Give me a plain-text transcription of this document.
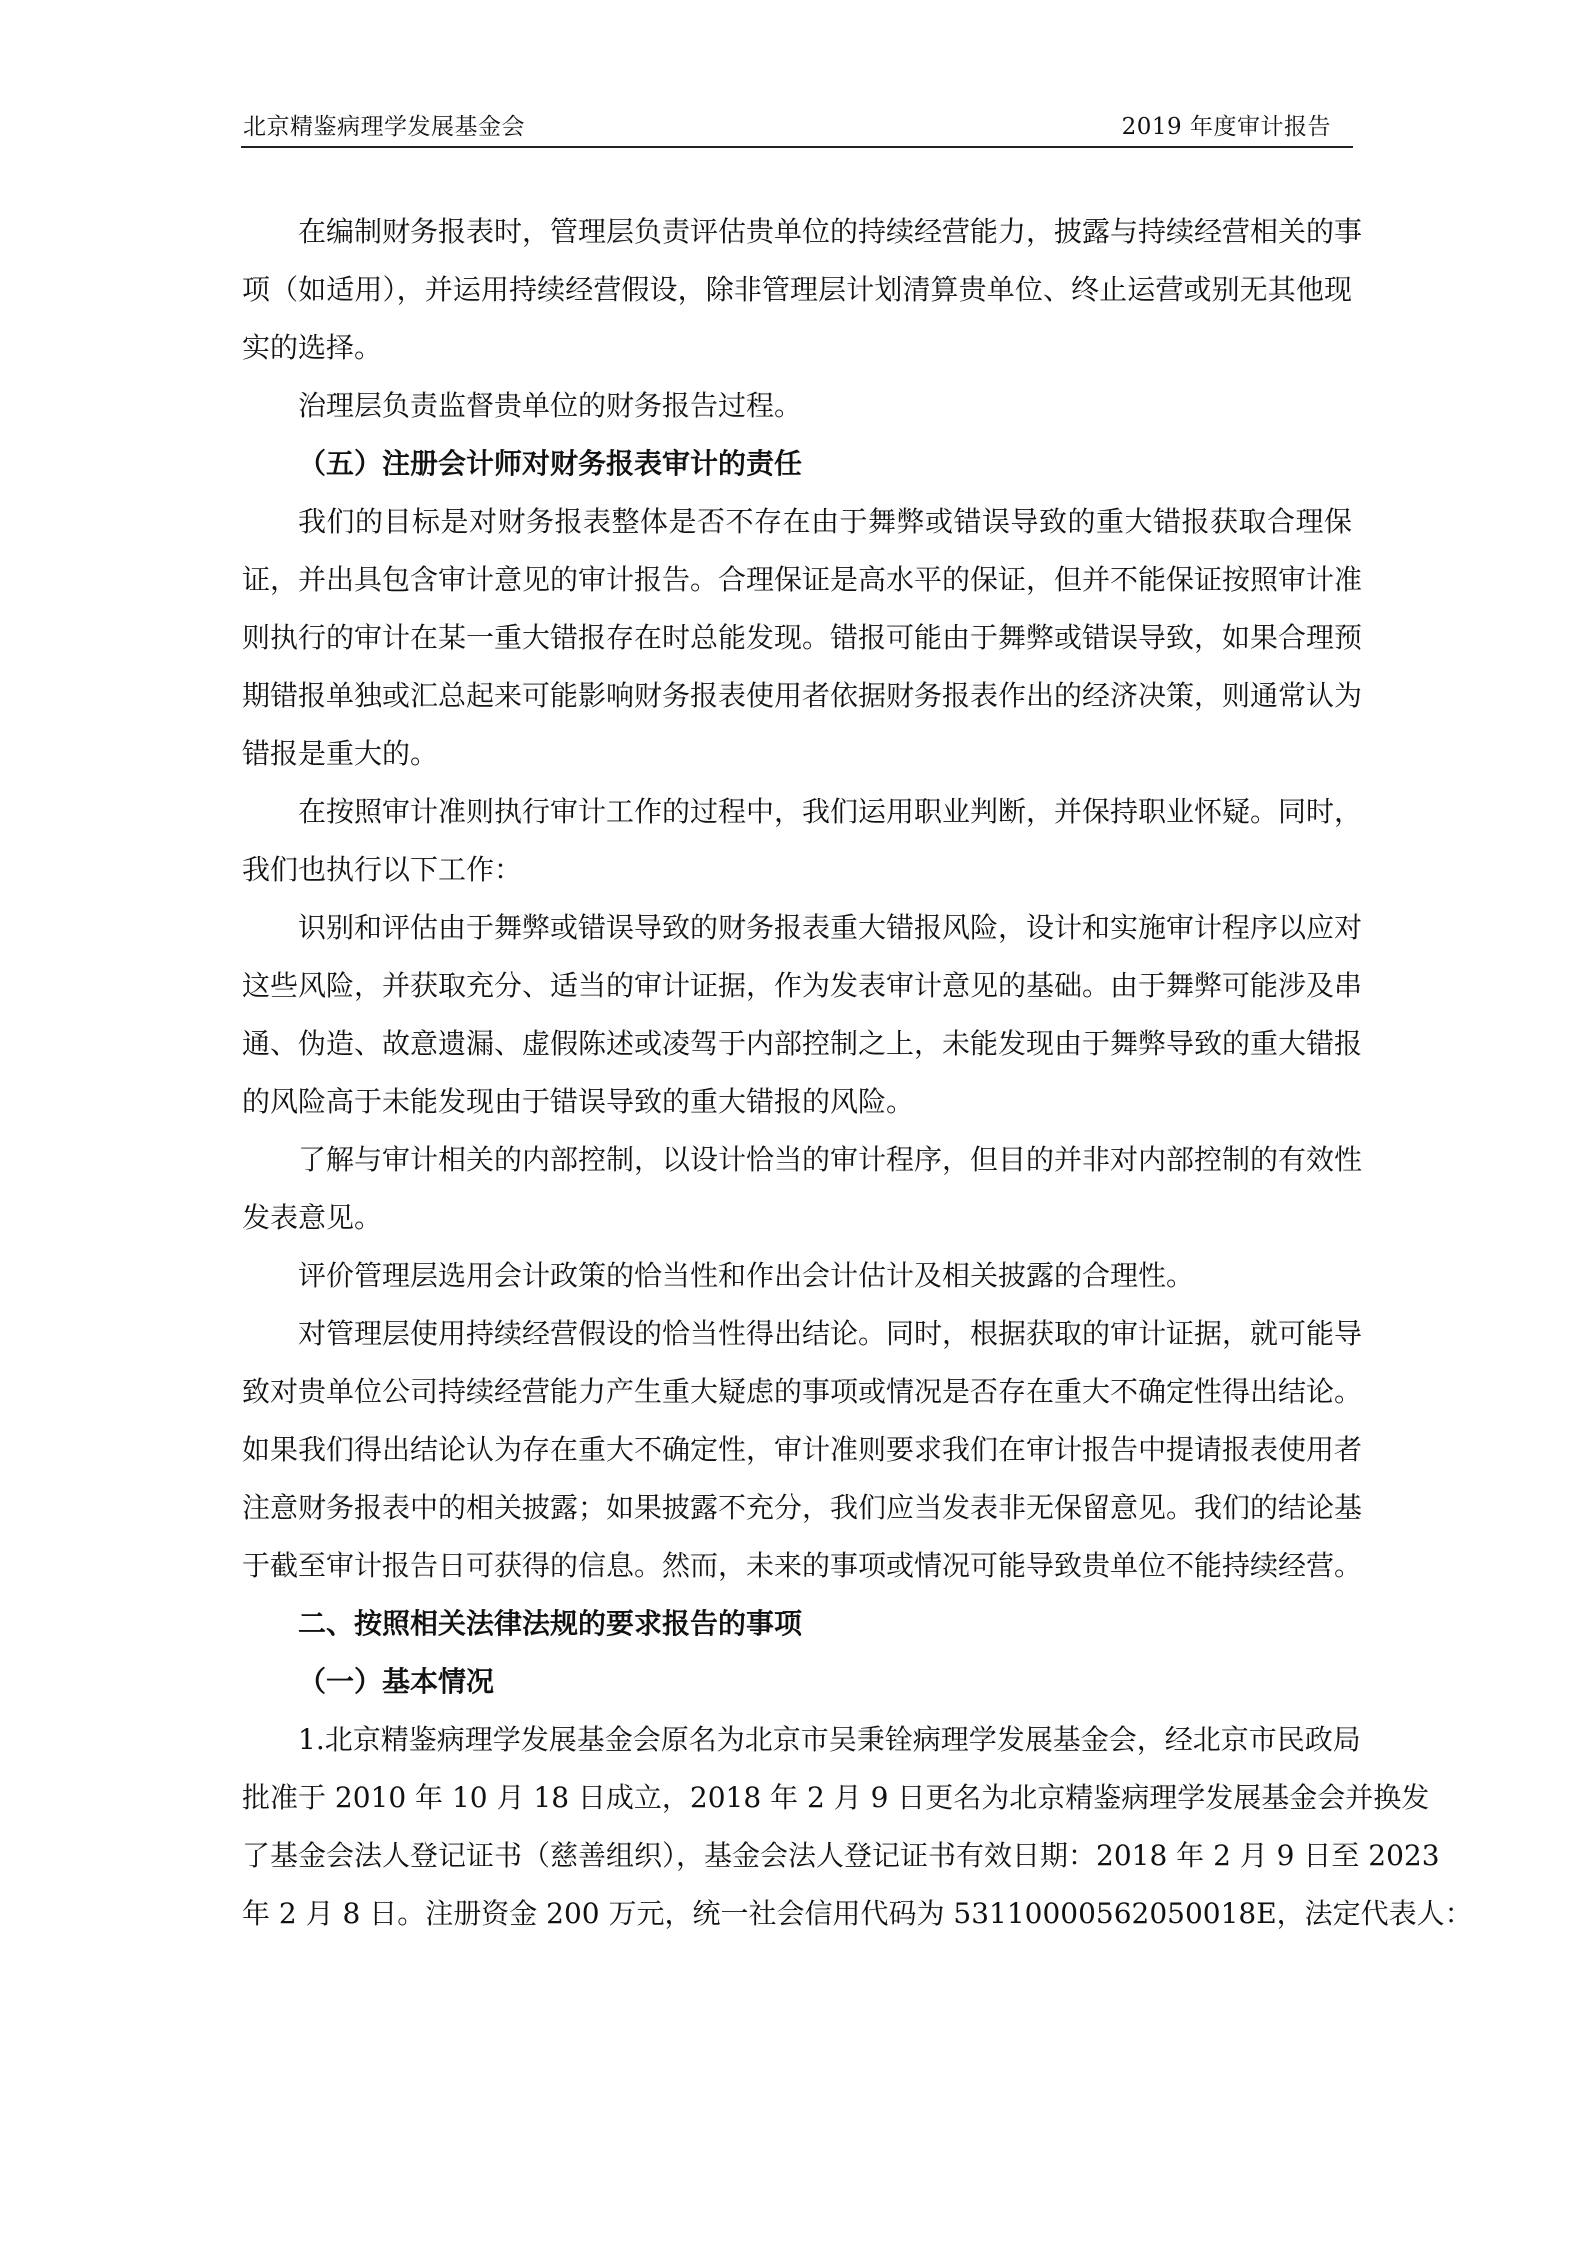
北京精鉴病理学发展基金会	2019 年度审计报告
在编制财务报表时，管理层负责评估贵单位的持续经营能力，披露与持续经营相关的事
项（如适用），并运用持续经营假设，除非管理层计划清算贵单位、终止运营或别无其他现
实的选择。
治理层负责监督贵单位的财务报告过程。
（五）注册会计师对财务报表审计的责任
我们的目标是对财务报表整体是否不存在由于舞弊或错误导致的重大错报获取合理保
证，并出具包含审计意见的审计报告。合理保证是高水平的保证，但并不能保证按照审计准
则执行的审计在某一重大错报存在时总能发现。错报可能由于舞弊或错误导致，如果合理预
期错报单独或汇总起来可能影响财务报表使用者依据财务报表作出的经济决策，则通常认为
错报是重大的。
在按照审计准则执行审计工作的过程中，我们运用职业判断，并保持职业怀疑。同时，
我们也执行以下工作：
识别和评估由于舞弊或错误导致的财务报表重大错报风险，设计和实施审计程序以应对
这些风险，并获取充分、适当的审计证据，作为发表审计意见的基础。由于舞弊可能涉及串
通、伪造、故意遗漏、虚假陈述或凌驾于内部控制之上，未能发现由于舞弊导致的重大错报
的风险高于未能发现由于错误导致的重大错报的风险。
了解与审计相关的内部控制，以设计恰当的审计程序，但目的并非对内部控制的有效性
发表意见。
评价管理层选用会计政策的恰当性和作出会计估计及相关披露的合理性。
对管理层使用持续经营假设的恰当性得出结论。同时，根据获取的审计证据，就可能导
致对贵单位公司持续经营能力产生重大疑虑的事项或情况是否存在重大不确定性得出结论。
如果我们得出结论认为存在重大不确定性，审计准则要求我们在审计报告中提请报表使用者
注意财务报表中的相关披露；如果披露不充分，我们应当发表非无保留意见。我们的结论基
于截至审计报告日可获得的信息。然而，未来的事项或情况可能导致贵单位不能持续经营。
二、按照相关法律法规的要求报告的事项
（一）基本情况
1.北京精鉴病理学发展基金会原名为北京市吴秉铨病理学发展基金会，经北京市民政局
批准于 2010 年 10 月 18 日成立，2018 年 2 月 9 日更名为北京精鉴病理学发展基金会并换发
了基金会法人登记证书（慈善组织），基金会法人登记证书有效日期：2018 年 2 月 9 日至 2023
年 2 月 8 日。注册资金 200 万元，统一社会信用代码为 53110000562050018E，法定代表人：
